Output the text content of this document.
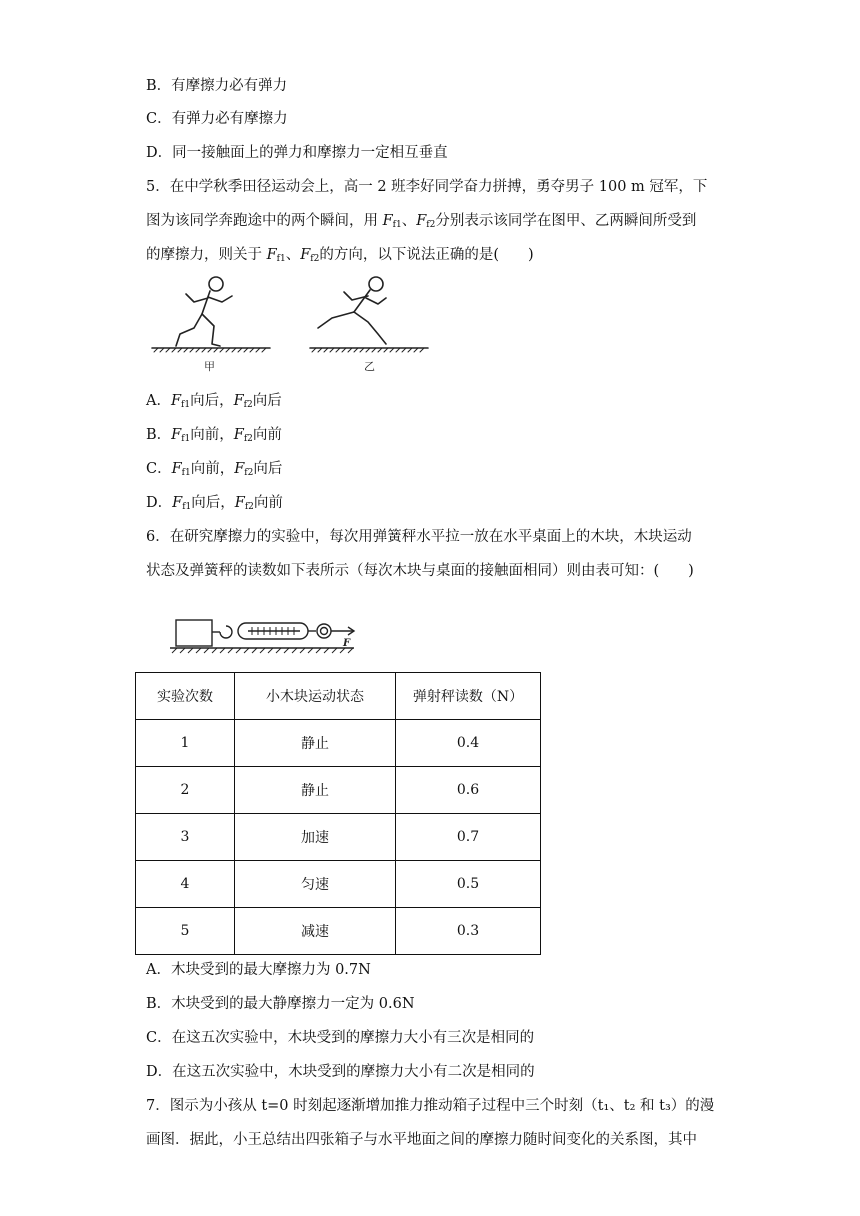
B．有摩擦力必有弹力
C．有弹力必有摩擦力
D．同一接触面上的弹力和摩擦力一定相互垂直
5．在中学秋季田径运动会上，高一 2 班李好同学奋力拼搏，勇夺男子 100 m 冠军，下
图为该同学奔跑途中的两个瞬间，用 $F_{f1}$、$F_{f2}$分别表示该同学在图甲、乙两瞬间所受到
的摩擦力，则关于 $F_{f1}$、$F_{f2}$的方向，以下说法正确的是(　　)
甲	乙
A．$F_{f1}$向后，$F_{f2}$向后
B．$F_{f1}$向前，$F_{f2}$向前
C．$F_{f1}$向前，$F_{f2}$向后
D．$F_{f1}$向后，$F_{f2}$向前
6．在研究摩擦力的实验中，每次用弹簧秤水平拉一放在水平桌面上的木块，木块运动
状态及弹簧秤的读数如下表所示（每次木块与桌面的接触面相同）则由表可知：(　　)
F
实验次数	小木块运动状态	弹射秤读数（N）
1	静止	0.4
2	静止	0.6
3	加速	0.7
4	匀速	0.5
5	减速	0.3
A．木块受到的最大摩擦力为 0.7N
B．木块受到的最大静摩擦力一定为 0.6N
C．在这五次实验中，木块受到的摩擦力大小有三次是相同的
D．在这五次实验中，木块受到的摩擦力大小有二次是相同的
7．图示为小孩从 t=0 时刻起逐渐增加推力推动箱子过程中三个时刻（t₁、t₂ 和 t₃）的漫
画图．据此，小王总结出四张箱子与水平地面之间的摩擦力随时间变化的关系图，其中
